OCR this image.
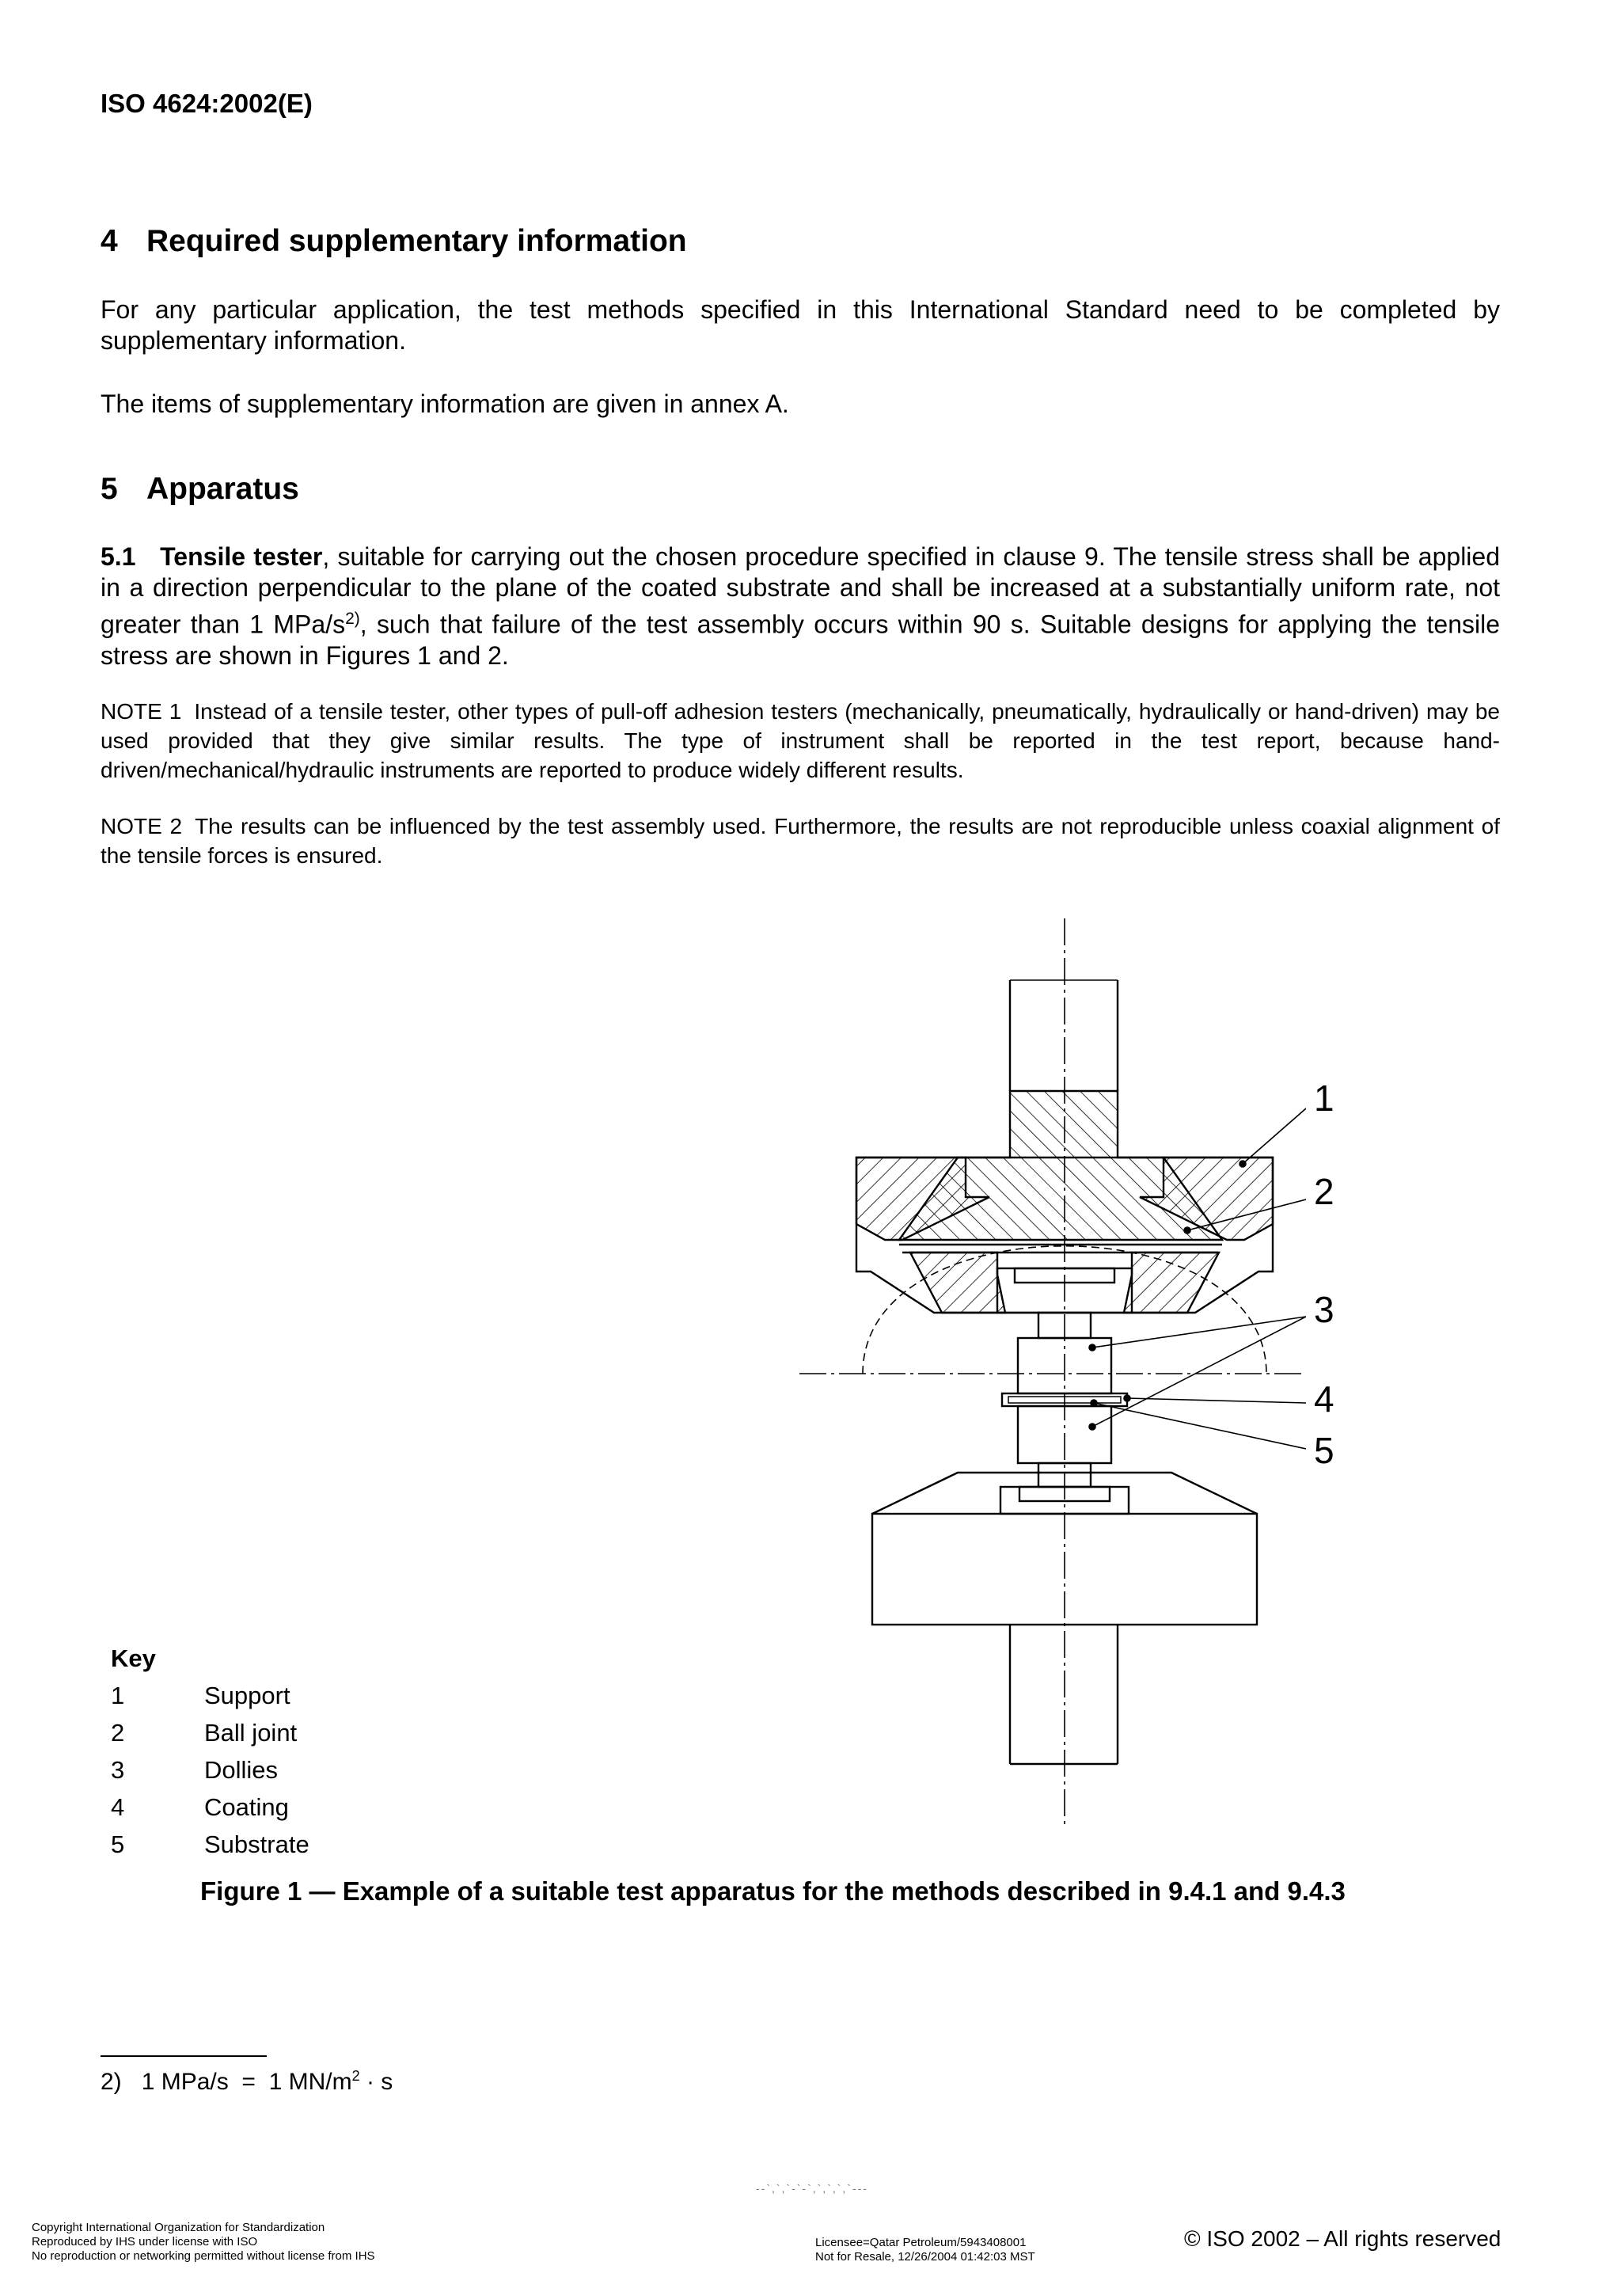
ISO 4624:2002(E)
4 Required supplementary information
For any particular application, the test methods specified in this International Standard need to be completed by supplementary information.
The items of supplementary information are given in annex A.
5 Apparatus
5.1 Tensile tester, suitable for carrying out the chosen procedure specified in clause 9. The tensile stress shall be applied in a direction perpendicular to the plane of the coated substrate and shall be increased at a substantially uniform rate, not greater than 1 MPa/$s^{2)}$, such that failure of the test assembly occurs within 90 s. Suitable designs for applying the tensile stress are shown in Figures 1 and 2.
NOTE 1 Instead of a tensile tester, other types of pull-off adhesion testers (mechanically, pneumatically, hydraulically or hand-driven) may be used provided that they give similar results. The type of instrument shall be reported in the test report, because hand-driven/mechanical/hydraulic instruments are reported to produce widely different results.
NOTE 2 The results can be influenced by the test assembly used. Furthermore, the results are not reproducible unless coaxial alignment of the tensile forces is ensured.
1
2
3
4
5
Key
1	Support
2	Ball joint
3	Dollies
4	Coating
5	Substrate
Figure 1 — Example of a suitable test apparatus for the methods described in 9.4.1 and 9.4.3
2) 1 MPa/s = 1 $MN/m^2 \cdot s$
--`,`,`-`-`,`,`,`,`---
Copyright International Organization for Standardization
Reproduced by IHS under license with ISO
No reproduction or networking permitted without license from IHS
Licensee=Qatar Petroleum/5943408001
Not for Resale, 12/26/2004 01:42:03 MST
© ISO 2002 – All rights reserved
